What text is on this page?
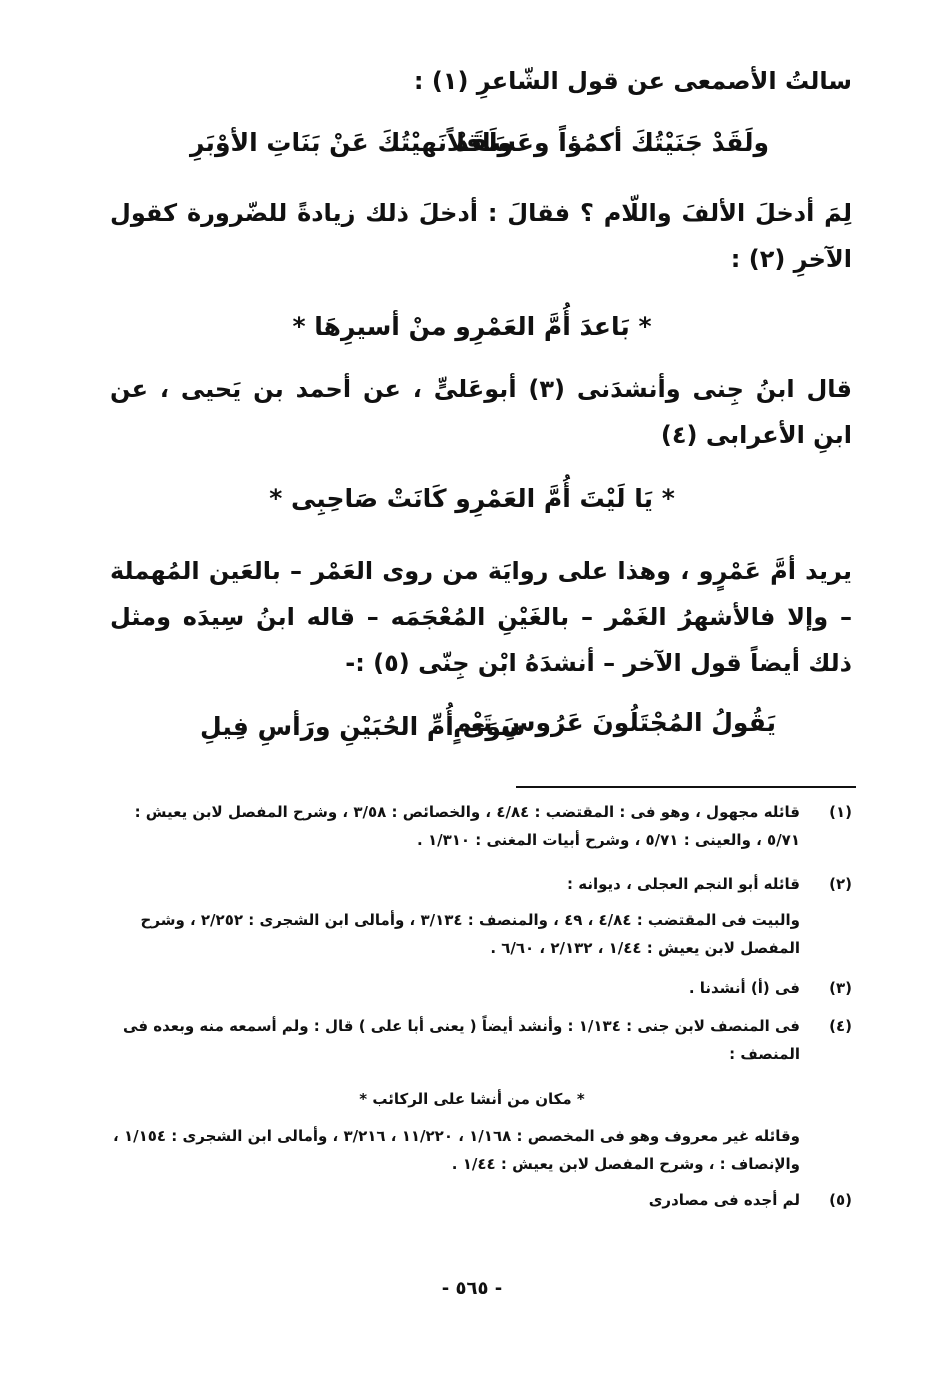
سالتُ الأصمعى عن قول الشّاعرِ (١) :
ولَقَدْ جَنَيْتُكَ أكمُؤاً وعَسَاقلاً
ولَقَدْ نَهيْتُكَ عَنْ بَنَاتِ الأوْبَرِ
لِمَ أدخلَ الألفَ واللّام ؟ فقالَ : أدخلَ ذلك زيادةً للضّرورة كقول الآخرِ (٢) :
* بَاعدَ أُمَّ العَمْرِو منْ أسيرِهَا *
قال ابنُ جِنى وأنشدَنى (٣) أبوعَلىٍّ ، عن أحمد بن يَحيى ، عن ابنِ الأعرابى (٤)
* يَا لَيْتَ أُمَّ العَمْرِو كَانَتْ صَاحِبِى *
يريد أمَّ عَمْرٍو ، وهذا على روايَة من روى العَمْر – بالعَين المُهملة – وإلا فالأشهرُ الغَمْر – بالغَيْنِ المُعْجَمَه – قاله ابنُ سِيدَه ومثل ذلك أيضاً قول الآخر – أنشدَهُ ابْن جِنّى (٥) :-
يَقُولُ المُجْتَلُونَ عَرُوسَ تَيْمٍ
سِوَى أُمِّ الحُبَيْنِ ورَأسِ فِيلِ
(١)
قائله مجهول ، وهو فى : المقتضب : ٤/٨٤ ، والخصائص : ٣/٥٨ ، وشرح المفصل لابن يعيش : ٥/٧١ ، والعينى : ٥/٧١ ، وشرح أبيات المغنى : ١/٣١٠ .
(٢)
قائله أبو النجم العجلى ، ديوانه :
والبيت فى المقتضب : ٤/٨٤ ، ٤٩ ، والمنصف : ٣/١٣٤ ، وأمالى ابن الشجرى : ٢/٢٥٢ ، وشرح المفصل لابن يعيش : ١/٤٤ ، ٢/١٣٢ ، ٦/٦٠ .
(٣)
فى (أ) أنشدنا .
(٤)
فى المنصف لابن جنى : ١/١٣٤ : وأنشد أيضاً ( يعنى أبا على ) قال : ولم أسمعه منه وبعده فى المنصف :
* مكان من أنشا على الركائب *
وقائله غير معروف وهو فى المخصص : ١/١٦٨ ، ١١/٢٢٠ ، ٣/٢١٦ ، وأمالى ابن الشجرى : ١/١٥٤ ، والإنصاف : ، وشرح المفصل لابن يعيش : ١/٤٤ .
(٥)
لم أجده فى مصادرى
- ٥٦٥ -
